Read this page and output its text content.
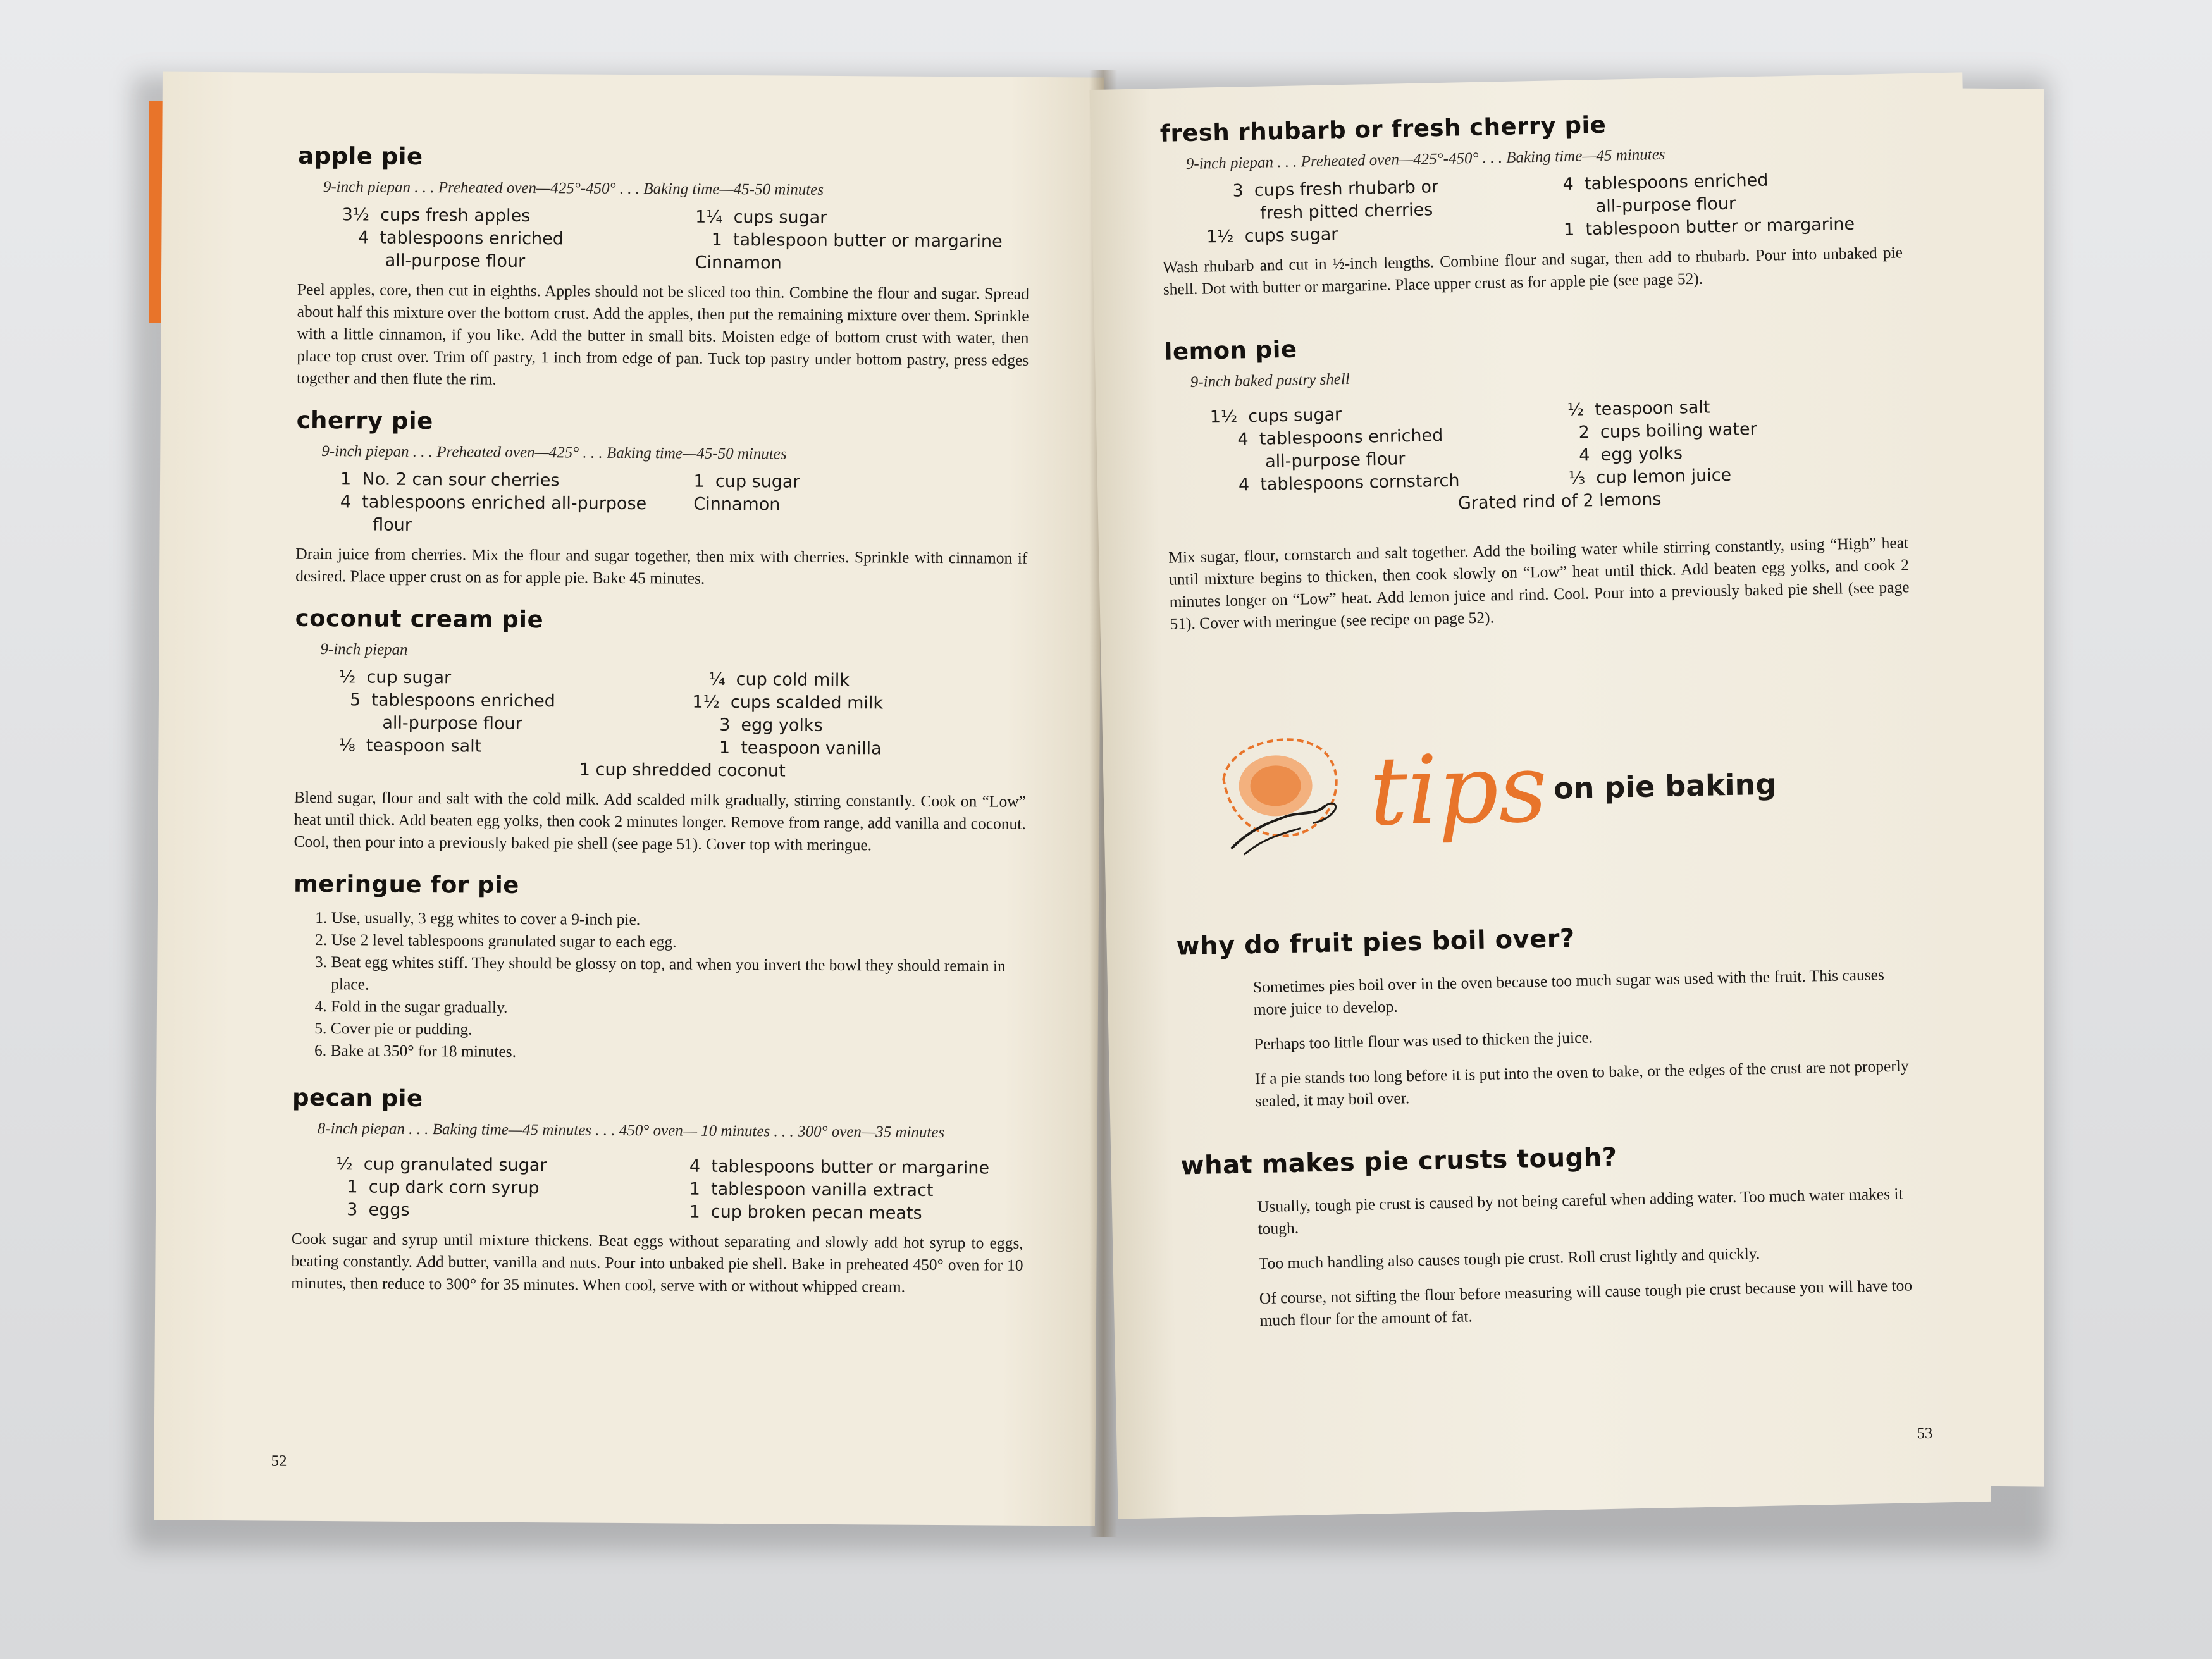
apple pie
9-inch piepan . . . Preheated oven—425°-450° . . . Baking time—45-50 minutes
3½  cups fresh apples
4  tablespoons enriched
all-purpose flour
1¼  cups sugar
1  tablespoon butter or margarine
Cinnamon

Peel apples, core, then cut in eighths. Apples should not be sliced too thin. Combine the flour and sugar. Spread about half this mixture over the bottom crust. Add the apples, then put the remaining mixture over them. Sprinkle with a little cinnamon, if you like. Add the butter in small bits. Moisten edge of bottom crust with water, then place top crust over. Trim off pastry, 1 inch from edge of pan. Tuck top pastry under bottom pastry, press edges together and then flute the rim.

cherry pie
9-inch piepan . . . Preheated oven—425° . . . Baking time—45-50 minutes
1  No. 2 can sour cherries
4  tablespoons enriched all-purpose
flour
1  cup sugar
Cinnamon

Drain juice from cherries. Mix the flour and sugar together, then mix with cherries. Sprinkle with cinnamon if desired. Place upper crust on as for apple pie. Bake 45 minutes.

coconut cream pie
9-inch piepan
½  cup sugar
5  tablespoons enriched
all-purpose flour
⅛  teaspoon salt
¼  cup cold milk
1½  cups scalded milk
3  egg yolks
1  teaspoon vanilla
1 cup shredded coconut

Blend sugar, flour and salt with the cold milk. Add scalded milk gradually, stirring constantly. Cook on “Low” heat until thick. Add beaten egg yolks, then cook 2 minutes longer. Remove from range, add vanilla and coconut. Cool, then pour into a previously baked pie shell (see page 51). Cover top with meringue.

meringue for pie
1. Use, usually, 3 egg whites to cover a 9-inch pie.
2. Use 2 level tablespoons granulated sugar to each egg.
3. Beat egg whites stiff. They should be glossy on top, and when you invert the bowl they should remain in place.
4. Fold in the sugar gradually.
5. Cover pie or pudding.
6. Bake at 350° for 18 minutes.
pecan pie
8-inch piepan . . . Baking time—45 minutes . . . 450° oven— 10 minutes . . . 300° oven—35 minutes
½  cup granulated sugar
1  cup dark corn syrup
3  eggs
4  tablespoons butter or margarine
1  tablespoon vanilla extract
1  cup broken pecan meats

Cook sugar and syrup until mixture thickens. Beat eggs without separating and slowly add hot syrup to eggs, beating constantly. Add butter, vanilla and nuts. Pour into unbaked pie shell. Bake in preheated 450° oven for 10 minutes, then reduce to 300° for 35 minutes. When cool, serve with or without whipped cream.

52
fresh rhubarb or fresh cherry pie
9-inch piepan . . . Preheated oven—425°-450° . . . Baking time—45 minutes
3  cups fresh rhubarb or
fresh pitted cherries
1½  cups sugar
4  tablespoons enriched
all-purpose flour
1  tablespoon butter or margarine

Wash rhubarb and cut in ½-inch lengths. Combine flour and sugar, then add to rhubarb. Pour into unbaked pie shell. Dot with butter or margarine. Place upper crust as for apple pie (see page 52).

lemon pie
9-inch baked pastry shell
1½  cups sugar
4  tablespoons enriched
all-purpose flour
4  tablespoons cornstarch
½  teaspoon salt
2  cups boiling water
4  egg yolks
⅓  cup lemon juice
Grated rind of 2 lemons

Mix sugar, flour, cornstarch and salt together. Add the boiling water while stirring constantly, using “High” heat until mixture begins to thicken, then cook slowly on “Low” heat until thick. Add beaten egg yolks, and cook 2 minutes longer on “Low” heat. Add lemon juice and rind. Cool. Pour into a previously baked pie shell (see page 51). Cover with meringue (see recipe on page 52).

tips on pie baking
why do fruit pies boil over?

Sometimes pies boil over in the oven because too much sugar was used with the fruit. This causes more juice to develop.

Perhaps too little flour was used to thicken the juice.

If a pie stands too long before it is put into the oven to bake, or the edges of the crust are not properly sealed, it may boil over.

what makes pie crusts tough?

Usually, tough pie crust is caused by not being careful when adding water. Too much water makes it tough.

Too much handling also causes tough pie crust. Roll crust lightly and quickly.

Of course, not sifting the flour before measuring will cause tough pie crust because you will have too much flour for the amount of fat.

53
